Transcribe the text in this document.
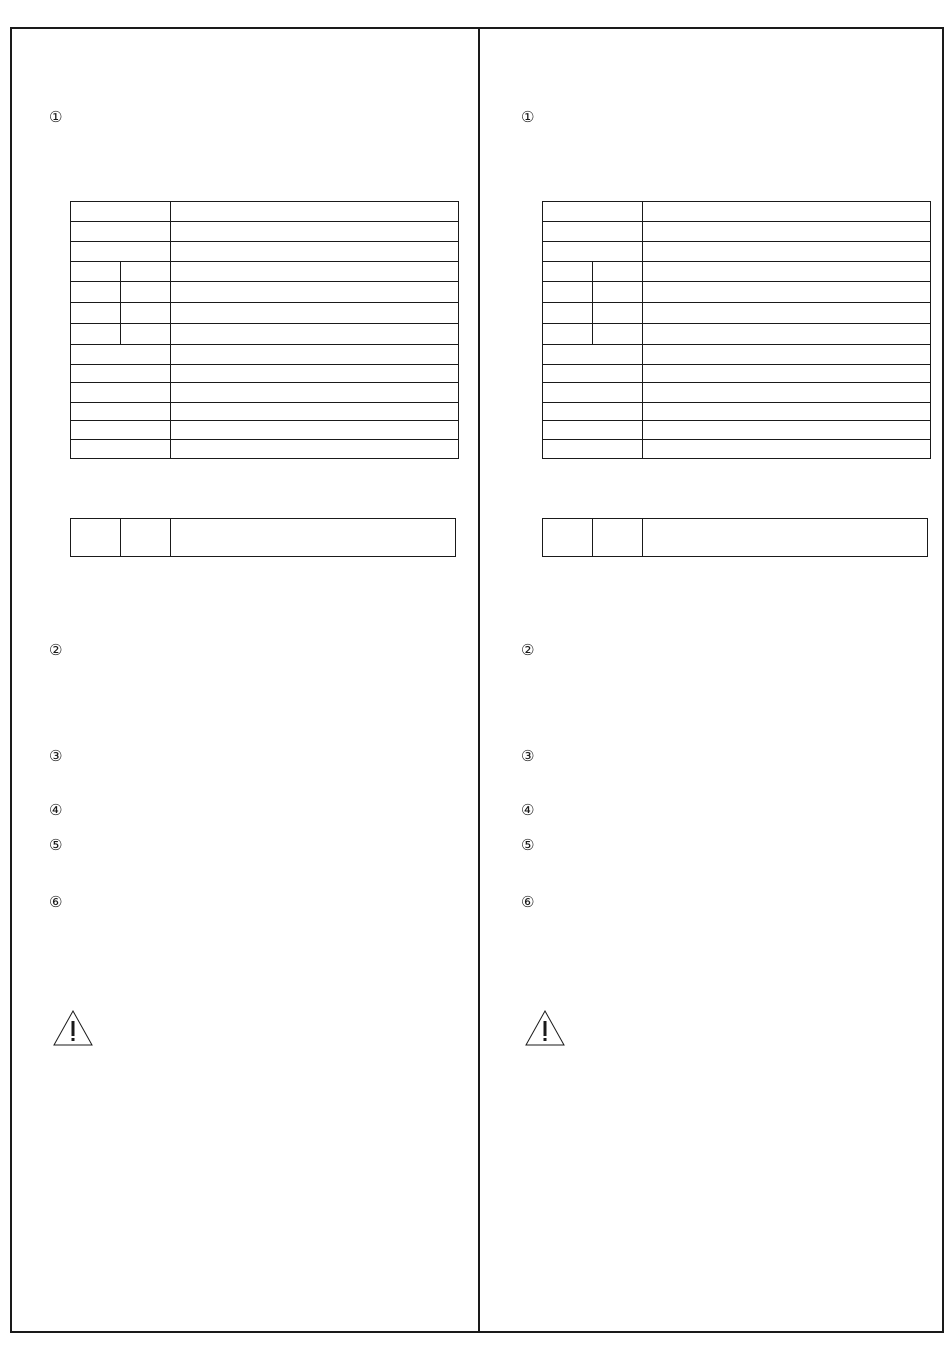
①

②
③
④
⑤
⑥
①

②
③
④
⑤
⑥
